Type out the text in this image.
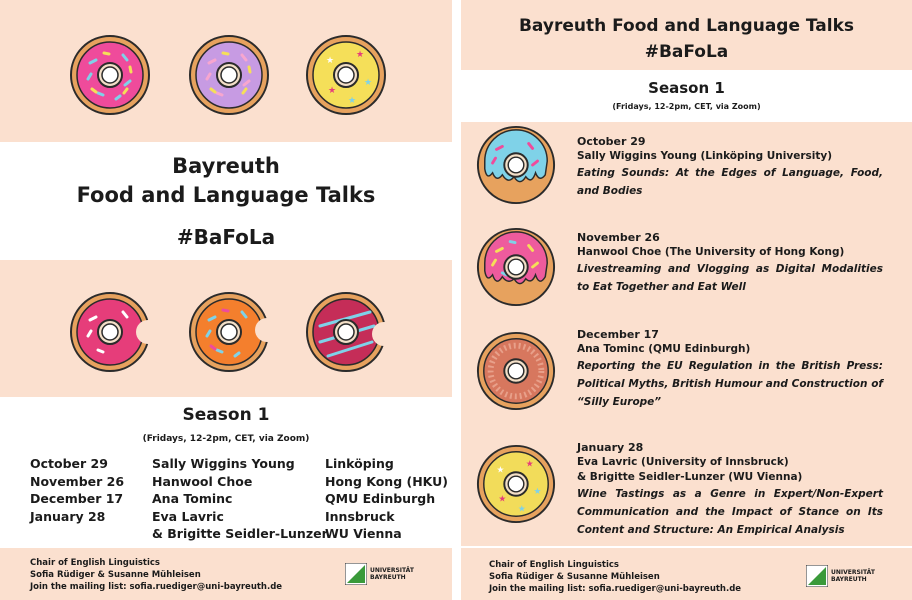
★
★
★
★
★
Bayreuth
Food and Language Talks
#BaFoLa
Season 1
(Fridays, 12-2pm, CET, via Zoom)
October 29
November 26
December 17
January 28
Sally Wiggins Young
Hanwool Choe
Ana Tominc
Eva Lavric
& Brigitte Seidler-Lunzer
Linköping
Hong Kong (HKU)
QMU Edinburgh
Innsbruck
WU Vienna
Chair of English Linguistics
Sofia Rüdiger & Susanne Mühleisen
Join the mailing list: sofia.ruediger@uni-bayreuth.de
UNIVERSITÄT
BAYREUTH
Bayreuth Food and Language Talks
#BaFoLa
Season 1
(Fridays, 12-2pm, CET, via Zoom)
★
★
★
★
★
October 29
Sally Wiggins Young (Linköping University)
Eating Sounds: At the Edges of Language, Food, and Bodies
November 26
Hanwool Choe (The University of Hong Kong)
Livestreaming and Vlogging as Digital Modalities to Eat Together and Eat Well
December 17
Ana Tominc (QMU Edinburgh)
Reporting the EU Regulation in the British Press: Political Myths, British Humour and Construction of “Silly Europe”
January 28
Eva Lavric (University of Innsbruck)
& Brigitte Seidler-Lunzer (WU Vienna)
Wine Tastings as a Genre in Expert/Non-Expert Communication and the Impact of Stance on Its Content and Structure: An Empirical Analysis
Chair of English Linguistics
Sofia Rüdiger & Susanne Mühleisen
Join the mailing list: sofia.ruediger@uni-bayreuth.de
UNIVERSITÄT
BAYREUTH
